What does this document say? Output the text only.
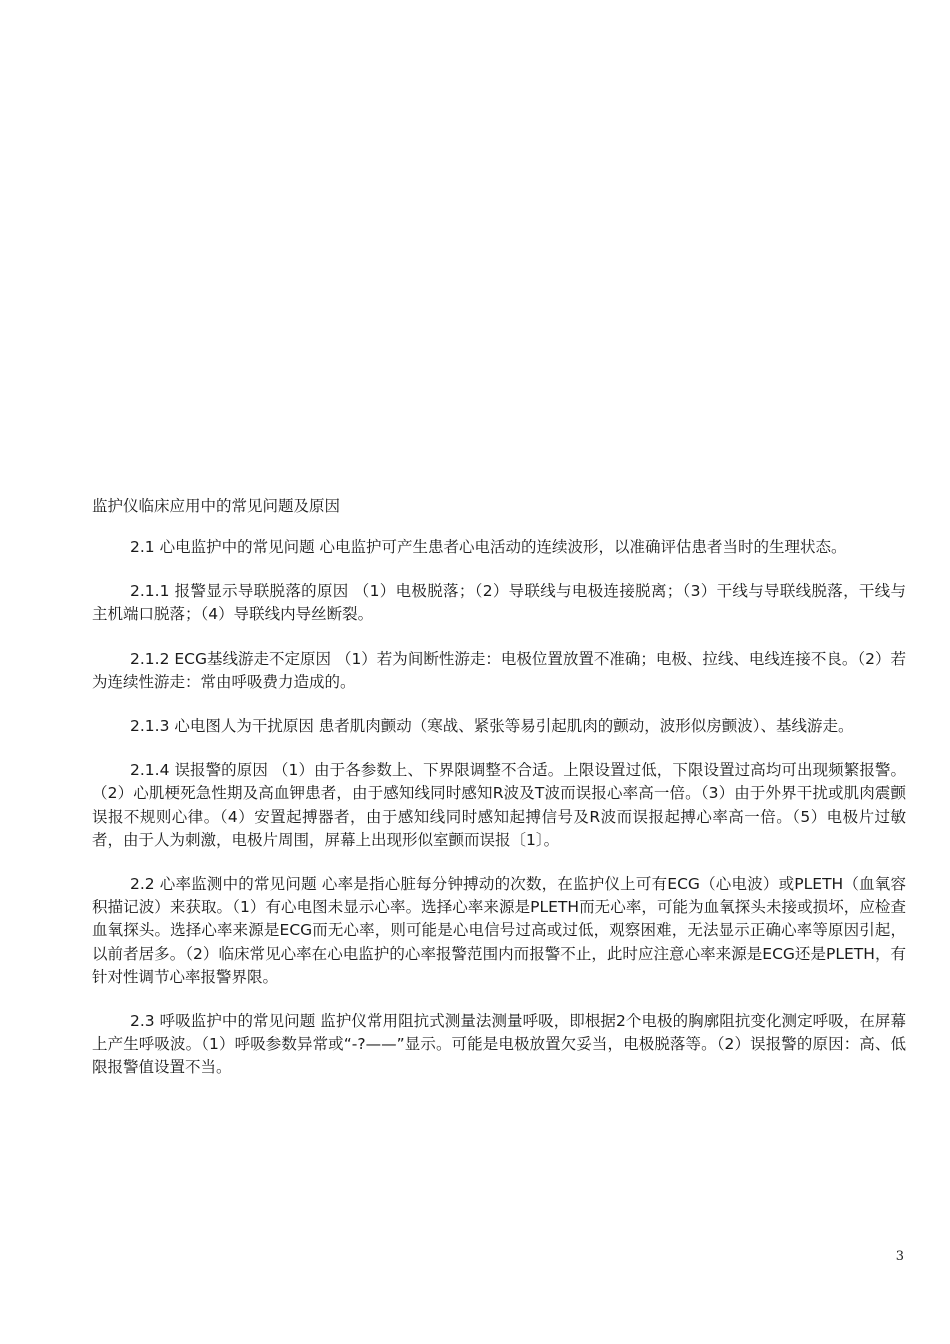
监护仪临床应用中的常见问题及原因

2.1 心电监护中的常见问题 心电监护可产生患者心电活动的连续波形，以准确评估患者当时的生理状态。

2.1.1 报警显示导联脱落的原因 （1）电极脱落；（2）导联线与电极连接脱离；（3）干线与导联线脱落，干线与主机端口脱落；（4）导联线内导丝断裂。

2.1.2 ECG基线游走不定原因 （1）若为间断性游走：电极位置放置不准确；电极、拉线、电线连接不良。（2）若为连续性游走：常由呼吸费力造成的。

2.1.3 心电图人为干扰原因 患者肌肉颤动（寒战、紧张等易引起肌肉的颤动，波形似房颤波）、基线游走。

2.1.4 误报警的原因 （1）由于各参数上、下界限调整不合适。上限设置过低，下限设置过高均可出现频繁报警。（2）心肌梗死急性期及高血钾患者，由于感知线同时感知R波及T波而误报心率高一倍。（3）由于外界干扰或肌肉震颤误报不规则心律。（4）安置起搏器者，由于感知线同时感知起搏信号及R波而误报起搏心率高一倍。（5）电极片过敏者，由于人为刺激，电极片周围，屏幕上出现形似室颤而误报〔1〕。

2.2 心率监测中的常见问题 心率是指心脏每分钟搏动的次数，在监护仪上可有ECG（心电波）或PLETH（血氧容积描记波）来获取。（1）有心电图未显示心率。选择心率来源是PLETH而无心率，可能为血氧探头未接或损坏，应检查血氧探头。选择心率来源是ECG而无心率，则可能是心电信号过高或过低，观察困难，无法显示正确心率等原因引起，以前者居多。（2）临床常见心率在心电监护的心率报警范围内而报警不止，此时应注意心率来源是ECG还是PLETH，有针对性调节心率报警界限。

2.3 呼吸监护中的常见问题 监护仪常用阻抗式测量法测量呼吸，即根据2个电极的胸廓阻抗变化测定呼吸，在屏幕上产生呼吸波。（1）呼吸参数异常或“-?——”显示。可能是电极放置欠妥当，电极脱落等。（2）误报警的原因：高、低限报警值设置不当。

3
